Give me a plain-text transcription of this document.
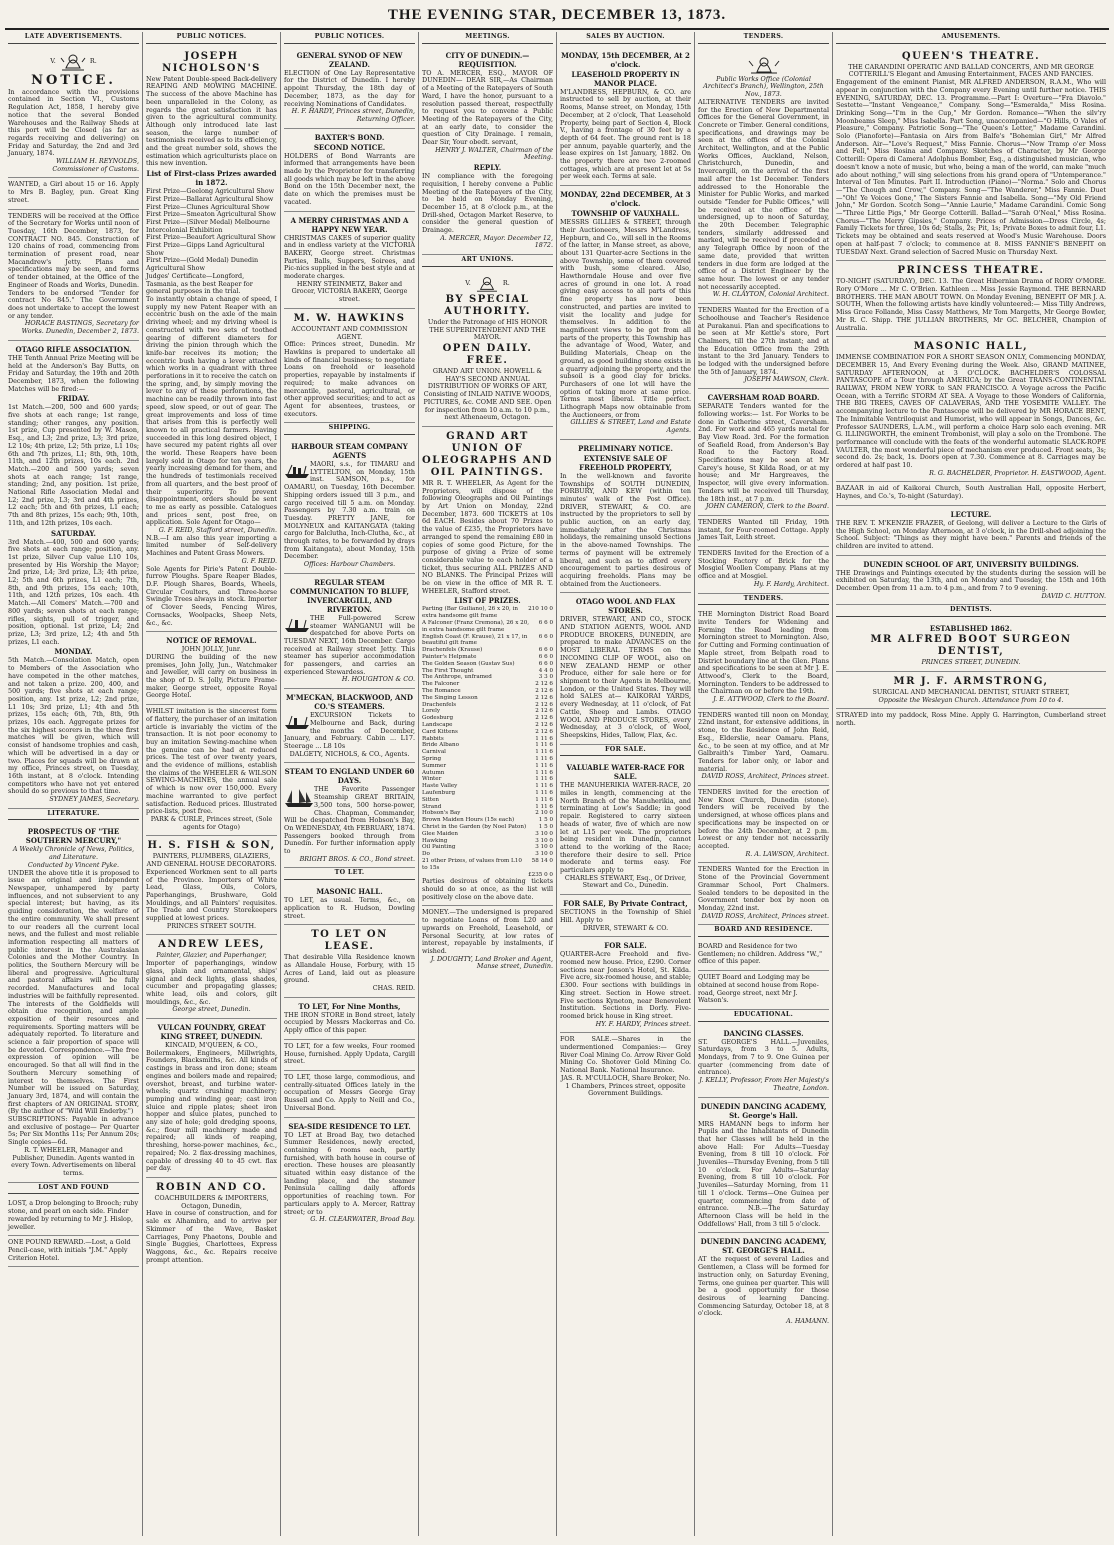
THE EVENING STAR, DECEMBER 13, 1873.
LATE ADVERTISEMENTS.
V.	R.
NOTICE.
In accordance with the provisions contained in Section VI., Customs Regulation Act, 1858, I hereby give notice that the several Bonded Warehouses and the Railway Sheds at this port will be Closed (as far as regards receiving and delivering) on Friday and Saturday, the 2nd and 3rd January, 1874.
WILLIAM H. REYNOLDS, Commissioner of Customs.
WANTED, a Girl about 15 or 16. Apply to Mrs B. Bagley, pun. Great King street.
TENDERS will be received at the Office of the Secretary for Works until noon of Tuesday, 16th December, 1873, for CONTRACT NO. 845. Construction of 120 chains of road, commencing from termination of present road, near Macandrew's Jetty. Plans and specifications may be seen, and forms of tender obtained, at the Office of the Engineer of Roads and Works, Dunedin. Tenders to be endorsed "Tender for contract No 845." The Government does not undertake to accept the lowest or any tender.
HORACE BASTINGS, Secretary for Works. Dunedin, December 2, 1873.
OTAGO RIFLE ASSOCIATION.
THE Tenth Annual Prize Meeting will be held at the Anderson's Bay Butts, on Friday and Saturday, the 19th and 20th December, 1873, when the following Matches will be fired:—
FRIDAY.
1st Match.—200, 500 and 600 yards; five shots at each range; 1st range, standing; other ranges, any position. 1st prize, Cup presented by W. Mason, Esq., and L3; 2nd prize, L3; 3rd prize, L2 10s; 4th prize, L2; 5th prize, L1 10s; 6th and 7th prizes, L1; 8th, 9th, 10th, 11th, and 12th prizes, 10s each. 2nd Match.—200 and 500 yards; seven shots at each range; 1st range, standing; 2nd, any position. 1st prize, National Rifle Association Medal and L2; 2nd prize, L3; 3rd and 4th prizes, L2 each; 5th and 6th prizes, L1 each; 7th and 8th prizes, 15s each; 9th, 10th, 11th, and 12th prizes, 10s each.
SATURDAY.
3rd Match.—400, 500 and 600 yards; five shots at each range; position, any. 1st prize, Silver Cup value L10 10s, presented by His Worship the Mayor; 2nd prize, L4; 3rd prize, L3; 4th prize, L2; 5th and 6th prizes, L1 each; 7th, 8th, and 9th prizes, 15s each; 10th, 11th, and 12th prizes, 10s each. 4th Match.—All Comers' Match.—700 and 800 yards; seven shots at each range; rifles, sights, pull of trigger, and position, optional. 1st prize, L4; 2nd prize, L3; 3rd prize, L2; 4th and 5th prizes, L1 each.
MONDAY.
5th Match.—Consolation Match, open to Members of the Association who have competed in the other matches, and not taken a prize. 200, 400, and 500 yards; five shots at each range; position, any. 1st prize, L2; 2nd prize, L1 10s; 3rd prize, L1; 4th and 5th prizes, 15s each; 6th, 7th, 8th, 9th prizes, 10s each. Aggregate prizes for the six highest scorers in the three first matches will be given, which will consist of handsome trophies and cash, which will be advertised in a day or two. Places for squads will be drawn at my office, Princes street, on Tuesday, 16th instant, at 8 o'clock. Intending competitors who have not yet entered should do so previous to that time.
SYDNEY JAMES, Secretary.
LITERATURE.
PROSPECTUS OF "THE SOUTHERN MERCURY,"
A Weekly Chronicle of News, Politics, and Literature.
Conducted by Vincent Pyke.
UNDER the above title it is proposed to issue an original and independent Newspaper, unhampered by party influences, and not subservient to any special interest; but having, as its guiding consideration, the welfare of the entire community. We shall present to our readers all the current local news, and the fullest and most reliable information respecting all matters of public interest in the Australasian Colonies and the Mother Country. In politics, the Southern Mercury will be liberal and progressive. Agricultural and pastoral affairs will be fully recorded. Manufactures and local industries will be faithfully represented. The interests of the Goldfields will obtain due recognition, and ample exposition of their resources and requirements. Sporting matters will be adequately reported. To literature and science a fair proportion of space will be devoted. Correspondence.—The free expression of opinion will be encouraged. So that all will find in the Southern Mercury something of interest to themselves. The First Number will be issued on Saturday, January 3rd, 1874, and will contain the first chapters of AN ORIGINAL STORY, (By the author of "Wild Will Enderby.")
SUBSCRIPTIONS: Payable in advance and exclusive of postage— Per Quarter 5s; Per Six Months 11s; Per Annum 20s; Single copies—6d.
R. T. WHEELER, Manager and Publisher, Dunedin. Agents wanted in every Town. Advertisements on liberal terms.
LOST AND FOUND
LOST, a Drop belonging to Brooch; ruby stone, and pearl on each side. Finder rewarded by returning to Mr J. Hislop, jeweller.
ONE POUND REWARD.—Lost, a Gold Pencil-case, with initials "J.M." Apply Criterion Hotel.
PUBLIC NOTICES.
JOSEPH NICHOLSON'S
New Patent Double-speed Back-delivery REAPING AND MOWING MACHINE. The success of the above Machine has been unparalleled in the Colony, as regards the great satisfaction it has given to the agricultural community. Although only introduced late last season, the large number of testimonials received as to its efficiency, and the great number sold, shows the estimation which agriculturists place on this new invention.
List of First-class Prizes awarded in 1872.
First Prize—Geelong Agricultural Show
First Prize—Ballarat Agricultural Show
First Prize—Clunes Agricultural Show
First Prize—Smeaton Agricultural Show
First Prize—(Silver Medal) Melbourne Intercolonial Exhibition
First Prize—Beaufort Agricultural Show
First Prize—Gipps Land Agricultural Show
First Prize—(Gold Medal) Dunedin Agricultural Show
Judges' Certificate—Longford, Tasmania, as the best Reaper for general purposes in the trial.
To instantly obtain a change of speed, I supply my new Patent Reaper with an eccentric bush on the axle of the main driving wheel; and my driving wheel is constructed with two sets of toothed gearing of different diameters for driving the pinion through which the knife-bar receives its motion; the eccentric bush having a lever attached which works in a quadrant with three perforations in it to receive the catch on the spring, and, by simply moving the lever to any of these perforations, the machine can be readily thrown into fast speed, slow speed, or out of gear. The great improvements and loss of time that arises from this is perfectly well known to all practical farmers. Having succeeded in this long desired object, I have secured my patent rights all over the world. These Reapers have been largely sold in Otago for ten years, the yearly increasing demand for them, and the hundreds of testimonials received from all quarters, and the best proof of their superiority. To prevent disappointment, orders should be sent to me as early as possible. Catalogues and prices sent, post free, on application. Sole Agent for Otago—
G. F. REID, Stafford street, Dunedin.
N.B.—I am also this year importing a limited number of Self-delivery Machines and Patent Grass Mowers.
G. F. REID.
Sole Agents for Pirie's Patent Double-furrow Ploughs. Spare Reaper Blades, D.F. Plough Shares, Boards, Wheels, Circular Coulters, and Three-horse Swingle Trees always in stock. Importer of Clover Seeds, Fencing Wires, Cornsacks, Woolpacks, Sheep Nets, &c., &c.
NOTICE OF REMOVAL.
JOHN JOLLY, Junr.
DURING the building of the new premises, John Jolly, Jun., Watchmaker and Jeweller, will carry on business in the shop of D. S. Jolly, Picture Frame-maker, George street, opposite Royal George Hotel.
WHILST imitation is the sincerest form of flattery, the purchaser of an imitation article is invariably the victim of the transaction. It is not poor economy to buy an imitation Sewing-machine when the genuine can be had at reduced prices. The test of over twenty years, and the evidence of millions, establish the claims of the WHEELER & WILSON SEWING-MACHINES, the annual sale of which is now over 150,000. Every machine warranted to give perfect satisfaction. Reduced prices. Illustrated price-lists, post free.
PARK & CURLE, Princes street, (Sole agents for Otago)
H. S. FISH & SON,
PAINTERS, PLUMBERS, GLAZIERS, AND GENERAL HOUSE DECORATORS.
Experienced Workmen sent to all parts of the Province. Importers of White Lead, Glass, Oils, Colors, Paperhangings, Brushware, Gold Mouldings, and all Painters' requisites. The Trade and Country Storekeepers supplied at lowest prices.
PRINCES STREET SOUTH.
ANDREW LEES,
Painter, Glazier, and Paperhanger,
Importer of paperhangings, window glass, plain and ornamental, ships' signal and deck lights, glass shades, cucumber and propagating glasses; white lead, oils and colors, gilt mouldings, &c., &c.
George street, Dunedin.
VULCAN FOUNDRY, GREAT KING STREET, DUNEDIN.
KINCAID, M'QUEEN, & CO.,
Boilermakers, Engineers, Millwrights, Founders, Blacksmiths, &c. All kinds of castings in brass and iron done; steam engines and boilers made and repaired; overshot, breast, and turbine water-wheels; quartz crushing machinery; pumping and winding gear; cast iron sluice and ripple plates; sheet iron hopper and sluice plates, punched to any size of hole; gold dredging spoons, &c.; flour mill machinery made and repaired; all kinds of reaping, threshing, horse-power machines, &c., repaired; No. 2 flax-dressing machines, capable of dressing 40 to 45 cwt. flax per day.
ROBIN AND CO.
COACHBUILDERS & IMPORTERS, Octagon, Dunedin,
Have in course of construction, and for sale ex Alhambra, and to arrive per Skimmer of the Wave, Basket Carriages, Pony Phaetons, Double and Single Buggies, Charlottees, Express Waggons, &c., &c. Repairs receive prompt attention.
PUBLIC NOTICES.
GENERAL SYNOD OF NEW ZEALAND.
ELECTION of One Lay Representative for the District of Dunedin. I hereby appoint Thursday, the 18th day of December, 1873, as the day for receiving Nominations of Candidates.
H. F. HARDY, Princes street, Dunedin, Returning Officer.
BAXTER'S BOND.
SECOND NOTICE.
HOLDERS of Bond Warrants are informed that arrangements have been made by the Proprietor for transferring all goods which may be left in the above Bond on the 15th December next, the date on which the premises must be vacated.
A MERRY CHRISTMAS AND A HAPPY NEW YEAR.
CHRISTMAS CAKES of superior quality and in endless variety at the VICTORIA BAKERY, George street. Christmas Parties, Balls, Suppers, Soirees, and Pic-nics supplied in the best style and at moderate charges.
HENRY STEINMETZ, Baker and Grocer, VICTORIA BAKERY, George street.
M. W. HAWKINS
ACCOUNTANT AND COMMISSION AGENT.
Office: Princes street, Dunedin. Mr Hawkins is prepared to undertake all kinds of financial business; to negotiate Loans on freehold or leasehold properties, repayable by instalments if required; to make advances on mercantile, pastoral, agricultural, or other approved securities; and to act as Agent for absentees, trustees, or executors.
SHIPPING.
HARBOUR STEAM COMPANY AGENTS
MAORI, s.s., for TIMARU and LYTTELTON, on Monday, 15th inst. SAMSON, p.s., for OAMARU, on Tuesday, 16th December. Shipping orders issued till 3 p.m., and cargo received till 5 a.m. on Monday. Passengers by 7.30 a.m. train on Tuesday. PRETTY JANE, for MOLYNEUX and KAITANGATA (taking cargo for Balclutha, Inch-Clutha, &c., at through rates, to be forwarded by drays from Kaitangata), about Monday, 15th December.
Offices: Harbour Chambers.
REGULAR STEAM COMMUNICATION TO BLUFF, INVERCARGILL, AND RIVERTON.
THE Full-powered Screw steamer WANGANUI will be despatched for above Ports on TUESDAY NEXT, 16th December. Cargo received at Railway street Jetty. This steamer has superior accommodation for passengers, and carries an experienced Stewardess.
H. HOUGHTON & CO.
M'MECKAN, BLACKWOOD, AND CO.'S STEAMERS.
EXCURSION Tickets to Melbourne and Back, during the months of December, January, and February. Cabin ... L17. Steerage ... L8 10s
DALGETY, NICHOLS, & CO., Agents.
STEAM TO ENGLAND UNDER 60 DAYS.
THE Favorite Passenger Steamship GREAT BRITAIN, 3,500 tons, 500 horse-power, Chas. Chapman, Commander, Will be despatched from Hobson's Bay, On WEDNESDAY, 4th FEBRUARY, 1874. Passengers booked through from Dunedin. For further information apply to
BRIGHT BROS. & CO., Bond street.
TO LET.
MASONIC HALL.
TO LET, as usual. Terms, &c., on application to R. Hudson, Dowling street.
TO LET ON LEASE.
That desirable Villa Residence known as Allandale House, Forbury, with 15 Acres of Land, laid out as pleasure ground.
CHAS. REID.
TO LET, For Nine Months,
THE IRON STORE in Bond street, lately occupied by Messrs Mackerras and Co. Apply office of this paper.
TO LET, for a few weeks, Four roomed House, furnished. Apply Updata, Cargill street.
TO LET, those large, commodious, and centrally-situated Offices lately in the occupation of Messrs George Gray Russell and Co. Apply to Neill and Co., Universal Bond.
SEA-SIDE RESIDENCE TO LET.
TO LET at Broad Bay, two detached Summer Residences, newly erected, containing 6 rooms each, partly furnished, with bath house in course of erection. These houses are pleasantly situated within easy distance of the landing place, and the steamer Peninsula calling daily affords opportunities of reaching town. For particulars apply to A. Mercer, Rattray street; or to
G. H. CLEARWATER, Broad Bay.
MEETINGS.
CITY OF DUNEDIN.—REQUISITION.
TO A. MERCER, ESQ., MAYOR OF DUNEDIN— DEAR SIR,—As Chairman of a Meeting of the Ratepayers of South Ward, I have the honor, pursuant to a resolution passed thereat, respectfully to request you to convene a Public Meeting of the Ratepayers of the City, at an early date, to consider the question of City Drainage. I remain, Dear Sir, Your obedt. servant,
HENRY J. WALTER, Chairman of the Meeting.
REPLY.
IN compliance with the foregoing requisition, I hereby convene a Public Meeting of the Ratepayers of the City, to be held on Monday Evening, December 15, at 8 o'clock p.m., at the Drill-shed, Octagon Market Reserve, to consider the general question of Drainage.
A. MERCER, Mayor. December 12, 1872.
ART UNIONS.
V.	R.
BY SPECIAL AUTHORITY.
Under the Patronage of HIS HONOR THE SUPERINTENDENT AND THE MAYOR.
OPEN DAILY. FREE.
GRAND ART UNION. HOWELL & HAY'S SECOND ANNUAL DISTRIBUTION OF WORKS OF ART, Consisting of INLAID NATIVE WOODS, PICTURES, &c. COME AND SEE. Open for inspection from 10 a.m. to 10 p.m., next Athenaeum, Octagon.
GRAND ART UNION OF OLEOGRAPHS AND OIL PAINTINGS.
MR R. T. WHEELER, As Agent for the Proprietors, will dispose of the following Oleographs and Oil Paintings by Art Union on Monday, 22nd December, 1873. 600 TICKETS at 10s 6d EACH. Besides about 70 Prizes to the value of £235, the Proprietors have arranged to spend the remaining £80 in copies of some good Picture, for the purpose of giving a Prize of some considerable value to each holder of a ticket, thus securing ALL PRIZES AND NO BLANKS. The Principal Prizes will be on view in the office of MR R. T. WHEELER, Stafford street.
LIST OF PRIZES.
Parting (Bar Guiliano), 26 x 20, in extra handsome gilt frame
210 10 0
A Falconer (Franz Cremona), 26 x 20, in extra handsome gilt frame
6 6 0
English Coast (F. Krause), 21 x 17, in beautiful gilt frame
6 6 0
Drachenfels (Krause)	6 6 0
Painter's Helpmate	6 6 0
The Golden Season (Gustav Sus)	6 6 0
The First Thought	4 4 0
The Anthrope, unframed	3 3 0
The Falconer	2 12 6
The Romance	2 12 6
The Singing Lesson	2 12 6
Drachenfels	2 12 6
Lorely	2 12 6
Godesburg	2 12 6
Landscape	2 12 6
Card Kittens	2 12 6
Rabbits	1 11 6
Bride Albano	1 11 6
Carnival	1 11 6
Spring	1 11 6
Summer	1 11 6
Autumn	1 11 6
Winter	1 11 6
Haste Valley	1 11 6
Laufenburg	1 11 6
Sitten	1 11 6
Strand	1 11 6
Hobson's Bay	2 10 0
Brown Maiden Hours (15s each)	1 5 0
Christ in the Garden (by Noel Paton) 1 5 0
Glee Maiden	3 10 0
Hawking	3 10 0
Oil Painting	3 10 0
Do	3 10 0
21 other Prizes, of values from L10 to 15s
58 14 0
£235 0 0
Parties desirous of obtaining tickets should do so at once, as the list will positively close on the above date.
MONEY.—The undersigned is prepared to negotiate Loans of from L20 and upwards on Freehold, Leasehold, or Personal Security, at low rates of interest, repayable by instalments, if wished.
J. DOUGHTY, Land Broker and Agent, Manse street, Dunedin.
SALES BY AUCTION.
MONDAY, 15th DECEMBER, At 2 o'clock.
LEASEHOLD PROPERTY IN MANOR PLACE.
M'LANDRESS, HEPBURN, & CO. are instructed to sell by auction, at their Rooms, Manse street, on Monday, 15th December, at 2 o'clock, That Leasehold Property, being part of Section 4, Block V., having a frontage of 30 feet by a depth of 64 feet. The ground rent is 18 per annum, payable quarterly, and the lease expires on 1st January, 1882. On the property there are two 2-roomed cottages, which are at present let at 5s per week each. Terms at sale.
MONDAY, 22nd DECEMBER, At 3 o'clock.
TOWNSHIP OF VAUXHALL.
MESSRS GILLIES & STREET, through their Auctioneers, Messrs M'Landress, Hepburn, and Co., will sell in the Rooms of the latter, in Manse street, as above, about 131 Quarter-acre Sections in the above Township, some of them covered with bush, some cleared. Also, Hawthorndale House and over five acres of ground in one lot. A road giving easy access to all parts of this fine property has now been constructed, and parties are invited to visit the locality and judge for themselves. In addition to the magnificent views to be got from all parts of the property, this Township has the advantage of Wood, Water, and Building Materials, Cheap on the ground, as good building stone exists in a quarry adjoining the property, and the subsoil is a good clay for bricks. Purchasers of one lot will have the option of taking more at same price. Terms most liberal. Title perfect. Lithograph Maps now obtainable from the Auctioneers, or from
GILLIES & STREET, Land and Estate Agents.
PRELIMINARY NOTICE.
EXTENSIVE SALE OF FREEHOLD PROPERTY,
In the well-known and favorite Townships of SOUTH DUNEDIN, FORBURY, AND KEW (within ten minutes' walk of the Post Office). DRIVER, STEWART, & CO. are instructed by the proprietors to sell by public auction, on an early day, immediately after the Christmas holidays, the remaining unsold Sections in the above-named Townships. The terms of payment will be extremely liberal, and such as to afford every encouragement to parties desirous of acquiring freeholds. Plans may be obtained from the Auctioneers.
OTAGO WOOL AND FLAX STORES.
DRIVER, STEWART, AND CO., STOCK AND STATION AGENTS, WOOL AND PRODUCE BROKERS, DUNEDIN, are prepared to make ADVANCES on the MOST LIBERAL TERMS on the INCOMING CLIP OF WOOL, also on NEW ZEALAND HEMP or other Produce, either for sale here or for shipment to their Agents in Melbourne, London, or the United States. They will hold SALES at— KAIKORAI YARDS, every Wednesday, at 11 o'clock, of Fat Cattle, Sheep and Lambs. OTAGO WOOL AND PRODUCE STORES, every Wednesday, at 3 o'clock, of Wool, Sheepskins, Hides, Tallow, Flax, &c.
FOR SALE.
VALUABLE WATER-RACE FOR SALE.
THE MANUHERIKIA WATER-RACE, 20 miles in length, commencing at the North Branch of the Manuherikia, and terminating at Low's Saddle; in good repair. Registered to carry sixteen heads of water, five of which are now let at L15 per week. The proprietors being resident in Dunedin, cannot attend to the working of the Race; therefore their desire to sell. Price moderate and terms easy. For particulars apply to
CHARLES STEWART, Esq., Of Driver, Stewart and Co., Dunedin.
FOR SALE, By Private Contract,
SECTIONS in the Township of Shiel Hill. Apply to
DRIVER, STEWART & CO.
FOR SALE.
QUARTER-Acre Freehold and five-roomed new house. Price, £290. Corner sections near Jonson's Hotel, St. Kilda. Five acre, six-roomed house, and stable; £300. Four sections with buildings in King street. Section in Howe street. Five sections Kyneton, near Benevolent Institution. Sections in Dorly. Five-roomed brick house in King street.
HY. F. HARDY, Princes street.
FOR SALE.—Shares in the undermentioned Companies:— Grey River Coal Mining Co. Arrow River Gold Mining Co. Shotover Gold Mining Co. National Bank. National Insurance.
JAS. R. M'CULLOCH, Share Broker, No. 1 Chambers, Princes street, opposite Government Buildings.
TENDERS.
Public Works Office (Colonial Architect's Branch), Wellington, 25th Nov., 1873.
ALTERNATIVE TENDERS are invited for the Erection of New Departmental Offices for the General Government, in Concrete or Timber. General conditions, specifications, and drawings may be seen at the offices of the Colonial Architect, Wellington, and at the Public Works Offices, Auckland, Nelson, Christchurch, Dunedin, and Invercargill, on the arrival of the first mail after the 1st December. Tenders addressed to the Honorable the Minister for Public Works, and marked outside "Tender for Public Offices," will be received at the office of the undersigned, up to noon of Saturday, the 20th December. Telegraphic tenders, similarly addressed and marked, will be received if preceded at any Telegraph Office by noon of the same date, provided that written tenders in due form are lodged at the office of a District Engineer by the same hour. The lowest or any tender not necessarily accepted.
W. H. CLAYTON, Colonial Architect.
TENDERS Wanted for the Erection of a Schoolhouse and Teacher's Residence at Purakanui. Plan and specifications to be seen at Mr Kettle's store, Port Chalmers, till the 27th instant; and at the Education Office from the 29th instant to the 3rd January. Tenders to be lodged with the undersigned before the 5th of January, 1874.
JOSEPH MAWSON, Clerk.
CAVERSHAM ROAD BOARD.
SEPARATE Tenders wanted for the following works:— 1st. For Works to be done in Catherine street, Caversham. 2nd. For work and 465 yards metal for Bay View Road. 3rd. For the formation of Seafield Road, from Anderson's Bay Road to the Factory Road. Specifications may be seen at Mr Carey's house, St Kilda Road, or at my house; and Mr Hargreaves, the Inspector, will give every information. Tenders will be received till Thursday, the 18th inst., at 7 p.m.
JOHN CAMERON, Clerk to the Board.
TENDERS Wanted till Friday, 19th instant, for Four-roomed Cottage. Apply James Tait, Leith street.
TENDERS Invited for the Erection of a Stocking Factory of Brick for the Mosgiel Woollen Company. Plans at my office and at Mosgiel.
Hy. F. Hardy, Architect.
TENDERS.
THE Mornington District Road Board invite Tenders for Widening and Forming the Road leading from Mornington street to Mornington. Also, for Cutting and Forming continuation of Maple street, from Belpath road to District boundary line at the Glen. Plans and specifications to be seen at Mr J. E. Attwood's, Clerk to the Board, Mornington. Tenders to be addressed to the Chairman on or before the 19th.
J. E. ATTWOOD, Clerk to the Board.
TENDERS wanted till noon on Monday, 22nd instant, for extensive additions, in stone, to the Residence of John Reid, Esq., Elderslie, near Oamaru. Plans, &c., to be seen at my office, and at Mr Galbraith's Timber Yard, Oamaru. Tenders for labor only, or labor and material.
DAVID ROSS, Architect, Princes street.
TENDERS invited for the erection of New Knox Church, Dunedin (stone). Tenders will be received by the undersigned, at whose offices plans and specifications may be inspected on or before the 24th December, at 2 p.m. Lowest or any tender not necessarily accepted.
R. A. LAWSON, Architect.
TENDERS Wanted for the Erection in Stone of the Provincial Government Grammar School, Port Chalmers. Sealed tenders to be deposited in the Government tender box by noon on Monday, 22nd inst.
DAVID ROSS, Architect, Princes street.
BOARD AND RESIDENCE.
BOARD and Residence for two Gentlemen; no children. Address "W.," office of this paper.
QUIET Board and Lodging may be obtained at second house from Rope-road, George street, next Mr J. Watson's.
EDUCATIONAL.
DANCING CLASSES.
ST. GEORGE'S HALL.—Juveniles, Saturdays, from 3 to 5. Adults, Mondays, from 7 to 9. One Guinea per quarter (commencing from date of entrance).
J. KELLY, Professor, From Her Majesty's Theatre, London.
DUNEDIN DANCING ACADEMY, St. George's Hall.
MRS HAMANN begs to inform her Pupils and the Inhabitants of Dunedin that her Classes will be held in the above Hall: For Adults—Tuesday Evening, from 8 till 10 o'clock. For Juveniles—Thursday Evening, from 5 till 10 o'clock. For Adults—Saturday Evening, from 8 till 10 o'clock. For Juveniles—Saturday Morning, from 11 till 1 o'clock. Terms—One Guinea per quarter, commencing from date of entrance. N.B.—The Saturday Afternoon Class will be held in the Oddfellows' Hall, from 3 till 5 o'clock.
DUNEDIN DANCING ACADEMY, ST. GEORGE'S HALL.
AT the request of several Ladies and Gentlemen, a Class will be formed for instruction only, on Saturday Evening, Terms, one guinea per quarter. This will be a good opportunity for those desirous of learning Dancing. Commencing Saturday, October 18, at 8 o'clock.
A. HAMANN.
AMUSEMENTS.
QUEEN'S THEATRE.
THE CARANDINI OPERATIC AND BALLAD CONCERTS, AND MR GEORGE COTTERILL'S Elegant and Amusing Entertainment, FACES AND FANCIES.
Engagement of the eminent Pianist, MR ALFRED ANDERSON, R.A.M., Who will appear in conjunction with the Company every Evening until further notice. THIS EVENING, SATURDAY, DEC. 13. Programme.—Part I: Overture—"Fra Diavolo." Sestette—"Instant Vengeance," Company. Song—"Esmeralda," Miss Rosina. Drinking Song—"I'm in the Cup," Mr Gordon. Romance—"When the silv'ry Moonbeams Sleep," Miss Isabella. Part Song, unaccompanied—"O Hills, O Vales of Pleasure," Company. Patriotic Song—"The Queen's Letter," Madame Carandini. Solo (Pianoforte)—Fantasia on Airs from Balfe's "Bohemian Girl," Mr Alfred Anderson. Air—"Love's Request," Miss Fannie. Chorus—"Now Tramp o'er Moss and Fell," Miss Rosina and Company. Sketches of Character, by Mr George Cotterill: Opera di Camera! Adolphus Bomber, Esq., a distinguished musician, who doesn't know a note of music, but who, being a man of the world, can make "much ado about nothing," will sing selections from his grand opera of "Untemperance." Interval of Ten Minutes. Part II. Introduction (Piano)—"Norma." Solo and Chorus—"The Chough and Crow," Company. Song—"The Wanderer," Miss Fannie. Duet—"Oh! Ye Voices Gone," The Sisters Fannie and Isabella. Song—"My Old Friend John," Mr Gordon. Scotch Song—"Annie Laurie," Madame Carandini. Comic Song—"Three Little Pigs," Mr George Cotterill. Ballad—"Sarah O'Neal," Miss Rosina. Chorus—"The Merry Gipsies," Company. Prices of Admission—Dress Circle, 4s; Family Tickets for three, 10s 6d; Stalls, 2s; Pit, 1s; Private Boxes to admit four, L1. Tickets may be obtained and seats reserved at Wood's Music Warehouse. Doors open at half-past 7 o'clock; to commence at 8. MISS FANNIE'S BENEFIT on TUESDAY Next. Grand selection of Sacred Music on Thursday Next.
PRINCESS THEATRE.
TO-NIGHT (SATURDAY), DEC. 13. The Great Hibernian Drama of RORY O'MORE. Rory O'More ... Mr C. O'Brien. Kathleen ... Miss Jessie Raymond. THE BERNARD BROTHERS. THE MAN ABOUT TOWN. On Monday Evening, BENEFIT OF MR J. A. SOUTH, When the following artists have kindly volunteered:— Miss Tilly Andrews, Miss Grace Follande, Miss Cassy Matthews, Mr Tom Margetts, Mr George Bowler, Mr R. C. Shipp. THE JULLIAN BROTHERS, Mr GC. BELCHER, Champion of Australia.
MASONIC HALL,
IMMENSE COMBINATION FOR A SHORT SEASON ONLY, Commencing MONDAY, DECEMBER 15, And Every Evening during the Week. Also, GRAND MATINEE, SATURDAY AFTERNOON, at 3 O'CLOCK. BACHELDER'S COLOSSAL PANTASCOPE of a Tour through AMERICA; by the Great TRANS-CONTINENTAL RAILWAY, FROM NEW YORK to SAN FRANCISCO. A Voyage across the Pacific Ocean, with a Terrific STORM AT SEA. A Voyage to those Wonders of California, THE BIG TREES, CAVES OF CALAVERAS, AND THE YOSEMITE VALLEY. The accompanying lecture to the Pantascope will be delivered by MR HORACE BENT, The Inimitable Ventriloquist and Humorist, who will appear in Songs, Dances, &c. Professor SAUNDERS, L.A.M., will perform a choice Harp solo each evening. MR G. ILLINGWORTH, the eminent Trombonist, will play a solo on the Trombone. The performance will conclude with the feats of the wonderful automatic SLACK-ROPE VAULTER, the most wonderful piece of mechanism ever produced. Front seats, 3s; second do. 2s; back, 1s. Doors open at 7.30. Commence at 8. Carriages may be ordered at half past 10.
R. G. BACHELDER, Proprietor. H. EASTWOOD, Agent.
BAZAAR in aid of Kaikorai Church, South Australian Hall, opposite Herbert, Haynes, and Co.'s, To-night (Saturday).
LECTURE.
THE REV. T. M'KENZIE FRAZER, of Geelong, will deliver a Lecture to the Girls of the High School, on Monday Afternoon, at 3 o'clock, in the Drill-shed adjoining the School. Subject: "Things as they might have been." Parents and friends of the children are invited to attend.
DUNEDIN SCHOOL OF ART, UNIVERSITY BUILDINGS.
THE Drawings and Paintings executed by the students during the session will be exhibited on Saturday, the 13th, and on Monday and Tuesday, the 15th and 16th December. Open from 11 a.m. to 4 p.m., and from 7 to 9 evening.
DAVID C. HUTTON.
DENTISTS.
ESTABLISHED 1862.
MR ALFRED BOOT SURGEON DENTIST,
PRINCES STREET, DUNEDIN.
MR J. F. ARMSTRONG,
SURGICAL AND MECHANICAL DENTIST, STUART STREET,
Opposite the Wesleyan Church. Attendance from 10 to 4.
STRAYED into my paddock, Ross Mine. Apply G. Harrington, Cumberland street north.
